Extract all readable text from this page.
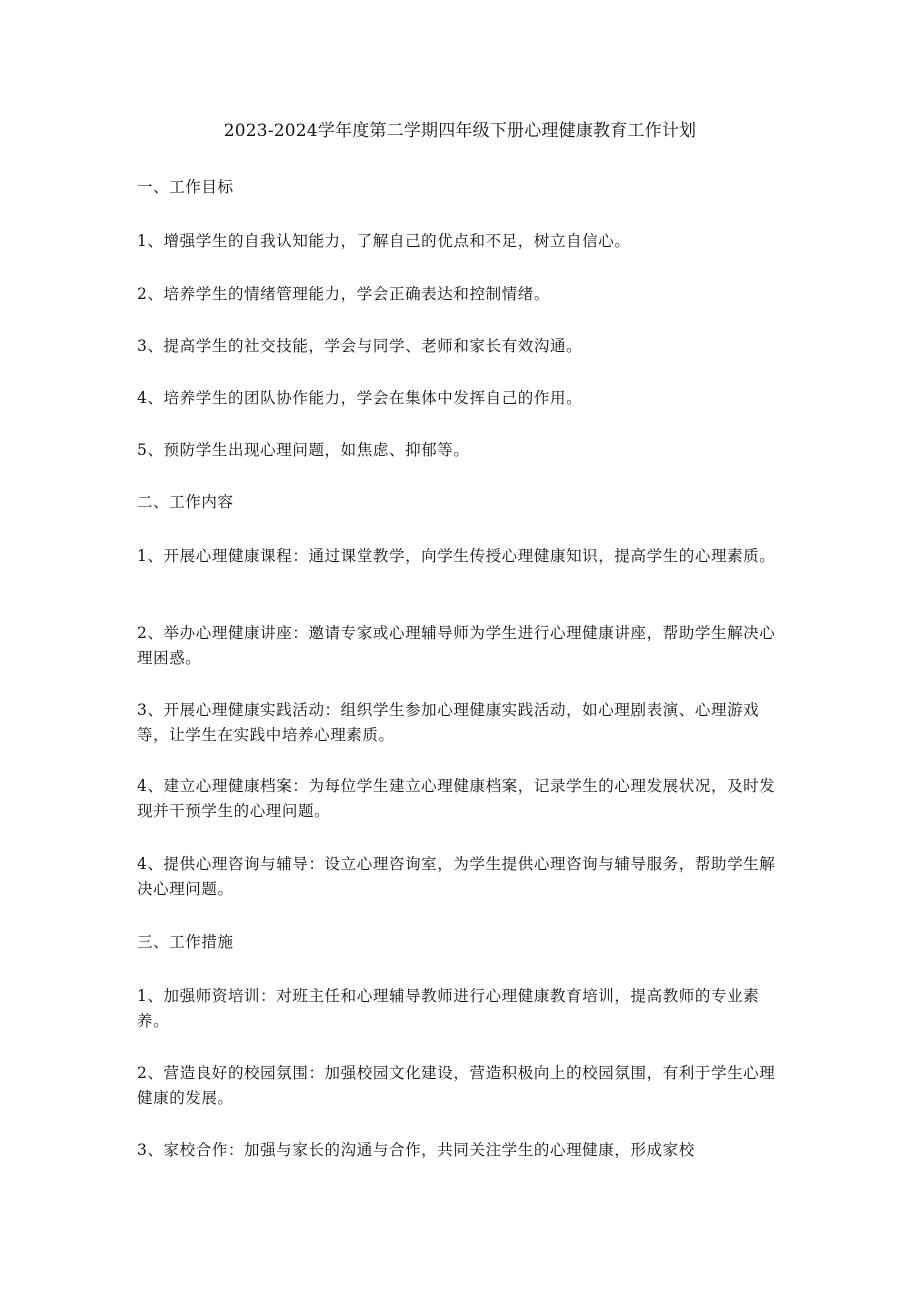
2023-2024学年度第二学期四年级下册心理健康教育工作计划
一、工作目标
1、增强学生的自我认知能力，了解自己的优点和不足，树立自信心。
2、培养学生的情绪管理能力，学会正确表达和控制情绪。
3、提高学生的社交技能，学会与同学、老师和家长有效沟通。
4、培养学生的团队协作能力，学会在集体中发挥自己的作用。
5、预防学生出现心理问题，如焦虑、抑郁等。
二、工作内容
1、开展心理健康课程：通过课堂教学，向学生传授心理健康知识，提高学生的心理素质。
2、举办心理健康讲座：邀请专家或心理辅导师为学生进行心理健康讲座，帮助学生解决心理困惑。
3、开展心理健康实践活动：组织学生参加心理健康实践活动，如心理剧表演、心理游戏等，让学生在实践中培养心理素质。
4、建立心理健康档案：为每位学生建立心理健康档案，记录学生的心理发展状况，及时发现并干预学生的心理问题。
4、提供心理咨询与辅导：设立心理咨询室，为学生提供心理咨询与辅导服务，帮助学生解决心理问题。
三、工作措施
1、加强师资培训：对班主任和心理辅导教师进行心理健康教育培训，提高教师的专业素养。
2、营造良好的校园氛围：加强校园文化建设，营造积极向上的校园氛围，有利于学生心理健康的发展。
3、家校合作：加强与家长的沟通与合作，共同关注学生的心理健康，形成家校
